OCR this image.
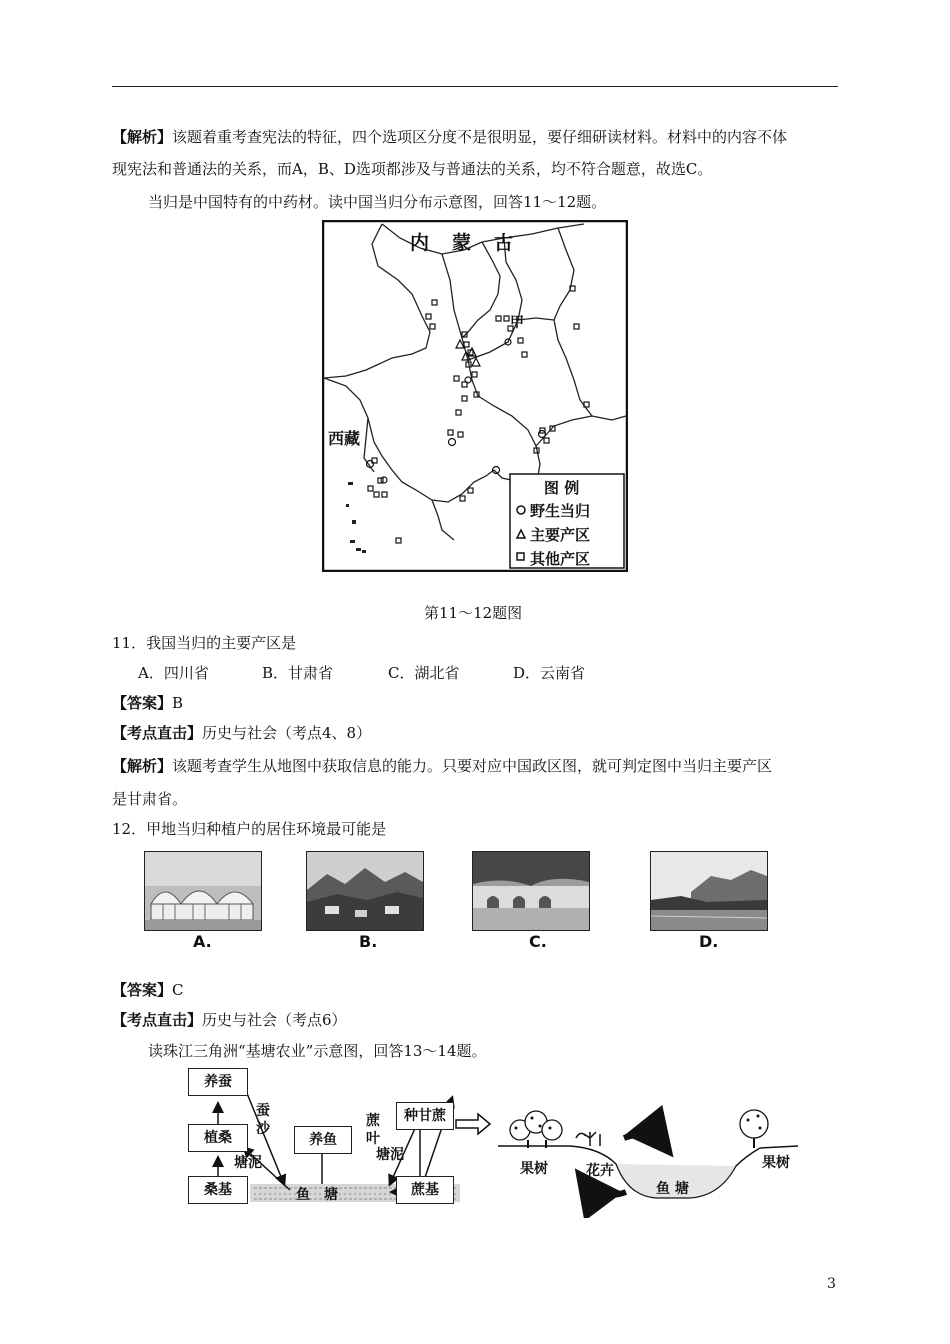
【解析】该题着重考查宪法的特征，四个选项区分度不是很明显，要仔细研读材料。材料中的内容不体
现宪法和普通法的关系，而A，B、D选项都涉及与普通法的关系，均不符合题意，故选C。
当归是中国特有的中药材。读中国当归分布示意图，回答11～12题。
内　蒙　古
甲
西藏
图 例
野生当归
主要产区
其他产区
第11～12题图
11．我国当归的主要产区是
A．四川省	B．甘肃省	C．湖北省	D．云南省
【答案】B
【考点直击】历史与社会（考点4、8）
【解析】该题考查学生从地图中获取信息的能力。只要对应中国政区图，就可判定图中当归主要产区
是甘肃省。
12．甲地当归种植户的居住环境最可能是
A.	B.	C.	D.
【答案】C
【考点直击】历史与社会（考点6）
读珠江三角洲“基塘农业”示意图，回答13～14题。
养蚕
植桑
桑基
养鱼
种甘蔗
蔗基
蚕沙
塘泥
鱼　塘
蔗叶
塘泥
果树	花卉
鱼 塘
果树
3
